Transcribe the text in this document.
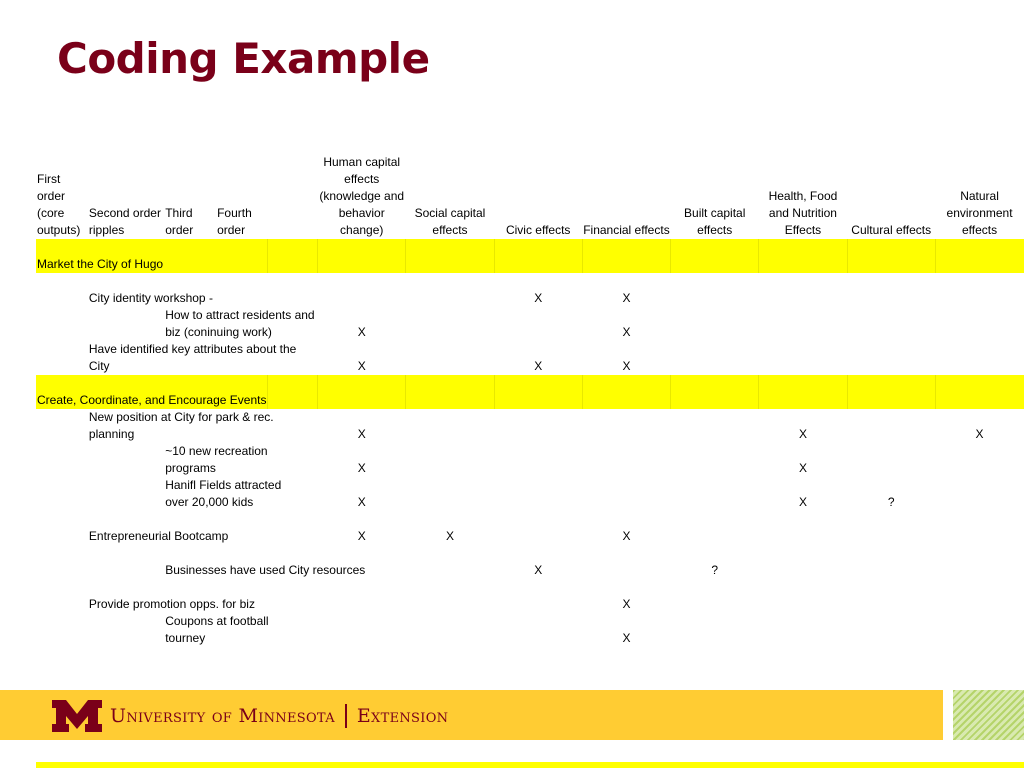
Coding Example
First order (core outputs)	Second order ripples	Third order	Fourth order		Human capital effects (knowledge and behavior change)	Social capital effects	Civic effects	Financial effects	Built capital effects	Health, Food and Nutrition Effects	Cultural effects	Natural environment effects
Market the City of Hugo												
	City identity workshop -						X	X				
		How to attract residents and biz (coninuing work)			X			X				
	Have identified key attributes about the City				X		X	X				
Create, Coordinate, and Encourage Events												
	New position at City for park & rec. planning				X					X		X
		~10 new recreation programs			X					X		
		Hanifl Fields attracted over 20,000 kids			X					X	?	
	Entrepreneurial Bootcamp				X	X		X				
		Businesses have used City resources					X		?			
	Provide promotion opps. for biz							X				
		Coupons at football tourney						X				
University of Minnesota Extension
